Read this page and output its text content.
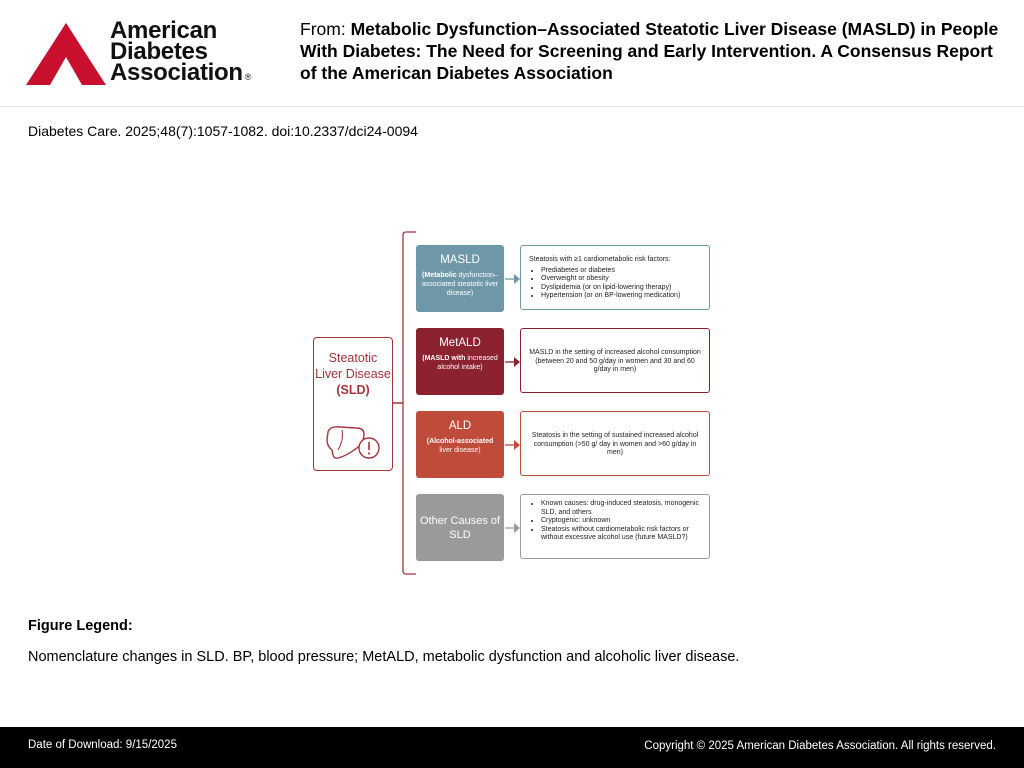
American
Diabetes
Association ®
From: Metabolic Dysfunction–Associated Steatotic Liver Disease (MASLD) in People With Diabetes: The Need for Screening and Early Intervention. A Consensus Report of the American Diabetes Association
Diabetes Care. 2025;48(7):1057-1082. doi:10.2337/dci24-0094
Steatotic Liver Disease
(SLD)
MASLD
(Metabolic dysfunction–associated steatotic liver disease)
MetALD
(MASLD with increased alcohol intake)
ALD
(Alcohol-associated liver disease)
Other Causes of SLD
Steatosis with ≥1 cardiometabolic risk factors:
• Prediabetes or diabetes
• Overweight or obesity
• Dyslipidemia (or on lipid-lowering therapy)
• Hypertension (or on BP-lowering medication)
MASLD in the setting of increased alcohol consumption (between 20 and 50 g/day in women and 30 and 60 g/day in men)
Steatosis in the setting of sustained increased alcohol consumption (>50 g/ day in women and >60 g/day in men)
• Known causes: drug-induced steatosis, monogenic SLD, and others
• Cryptogenic: unknown
• Steatosis without cardiometabolic risk factors or without excessive alcohol use (future MASLD?)
Figure Legend:
Nomenclature changes in SLD. BP, blood pressure; MetALD, metabolic dysfunction and alcoholic liver disease.
Date of Download: 9/15/2025	Copyright © 2025 American Diabetes Association. All rights reserved.
